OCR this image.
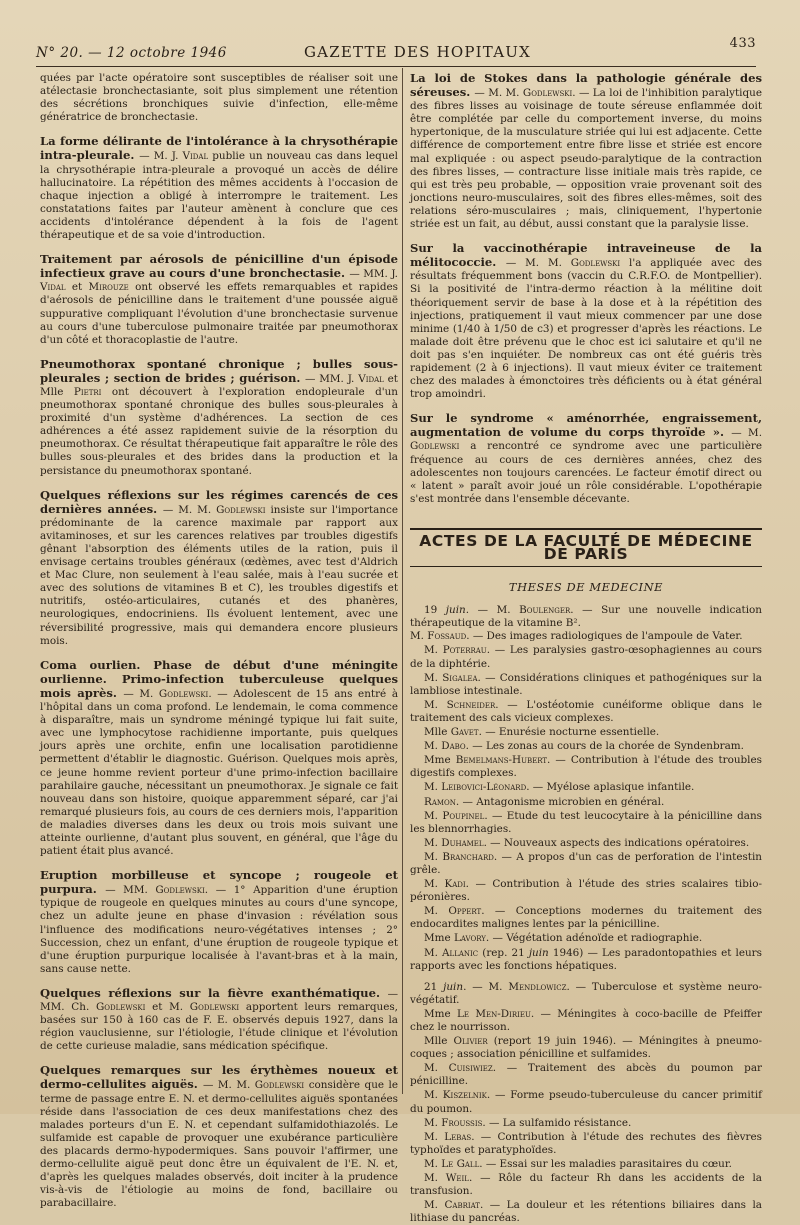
N° 20. — 12 octobre 1946	GAZETTE DES HOPITAUX	433

quées par l'acte opératoire sont susceptibles de réaliser soit une atélectasie bronchectasiante, soit plus simplement une rétention des sécrétions bronchiques suivie d'infection, elle-même génératrice de bronchectasie.

La forme délirante de l'intolérance à la chrysothérapie intra-pleurale. — M. J. Vidal publie un nouveau cas dans lequel la chrysothérapie intra-pleurale a provoqué un accès de délire hallucinatoire. La répétition des mêmes accidents à l'occasion de chaque injection a obligé à interrompre le traitement. Les constatations faites par l'auteur amènent à conclure que ces accidents d'intolérance dépendent à la fois de l'agent thérapeutique et de sa voie d'introduction.

Traitement par aérosols de pénicilline d'un épisode infectieux grave au cours d'une bronchectasie. — MM. J. Vidal et Mirouze ont observé les effets remarquables et rapides d'aérosols de pénicilline dans le traitement d'une poussée aiguë suppurative compliquant l'évolution d'une bronchectasie survenue au cours d'une tuberculose pulmonaire traitée par pneumothorax d'un côté et thoracoplastie de l'autre.

Pneumothorax spontané chronique ; bulles sous-pleurales ; section de brides ; guérison. — MM. J. Vidal et Mlle Pietri ont découvert à l'exploration endopleurale d'un pneumothorax spontané chronique des bulles sous-pleurales à proximité d'un système d'adhérences. La section de ces adhérences a été assez rapidement suivie de la résorption du pneumothorax. Ce résultat thérapeutique fait apparaître le rôle des bulles sous-pleurales et des brides dans la production et la persistance du pneumothorax spontané.

Quelques réflexions sur les régimes carencés de ces dernières années. — M. M. Godlewski insiste sur l'importance prédominante de la carence maximale par rapport aux avitaminoses, et sur les carences relatives par troubles digestifs gênant l'absorption des éléments utiles de la ration, puis il envisage certains troubles généraux (œdèmes, avec test d'Aldrich et Mac Clure, non seulement à l'eau salée, mais à l'eau sucrée et avec des solutions de vitamines B et C), les troubles digestifs et nutritifs, ostéo-articulaires, cutanés et des phanères, neurologiques, endocriniens. Ils évoluent lentement, avec une réversibilité progressive, mais qui demandera encore plusieurs mois.

Coma ourlien. Phase de début d'une méningite ourlienne. Primo-infection tuberculeuse quelques mois après. — M. Godlewski. — Adolescent de 15 ans entré à l'hôpital dans un coma profond. Le lendemain, le coma commence à disparaître, mais un syndrome méningé typique lui fait suite, avec une lymphocytose rachidienne importante, puis quelques jours après une orchite, enfin une localisation parotidienne permettent d'établir le diagnostic. Guérison. Quelques mois après, ce jeune homme revient porteur d'une primo-infection bacillaire parahilaire gauche, nécessitant un pneumothorax. Je signale ce fait nouveau dans son histoire, quoique apparemment séparé, car j'ai remarqué plusieurs fois, au cours de ces derniers mois, l'apparition de maladies diverses dans les deux ou trois mois suivant une atteinte ourlienne, d'autant plus souvent, en général, que l'âge du patient était plus avancé.

Eruption morbilleuse et syncope ; rougeole et purpura. — MM. Godlewski. — 1° Apparition d'une éruption typique de rougeole en quelques minutes au cours d'une syncope, chez un adulte jeune en phase d'invasion : révélation sous l'influence des modifications neuro-végétatives intenses ; 2° Succession, chez un enfant, d'une éruption de rougeole typique et d'une éruption purpurique localisée à l'avant-bras et à la main, sans cause nette.

Quelques réflexions sur la fièvre exanthématique. — MM. Ch. Godlewski et M. Godlewski apportent leurs remarques, basées sur 150 à 160 cas de F. E. observés depuis 1927, dans la région vauclusienne, sur l'étiologie, l'étude clinique et l'évolution de cette curieuse maladie, sans médication spécifique.

Quelques remarques sur les érythèmes noueux et dermo-cellulites aiguës. — M. M. Godlewski considère que le terme de passage entre E. N. et dermo-cellulites aiguës spontanées réside dans l'association de ces deux manifestations chez des malades porteurs d'un E. N. et cependant sulfamidothiazolés. Le sulfamide est capable de provoquer une exubérance particulière des placards dermo-hypodermiques. Sans pouvoir l'affirmer, une dermo-cellulite aiguë peut donc être un équivalent de l'E. N. et, d'après les quelques malades observés, doit inciter à la prudence vis-à-vis de l'étiologie au moins de fond, bacillaire ou parabacillaire.

La loi de Stokes dans la pathologie générale des séreuses. — M. M. Godlewski. — La loi de l'inhibition paralytique des fibres lisses au voisinage de toute séreuse enflammée doit être complétée par celle du comportement inverse, du moins hypertonique, de la musculature striée qui lui est adjacente. Cette différence de comportement entre fibre lisse et striée est encore mal expliquée : ou aspect pseudo-paralytique de la contraction des fibres lisses, — contracture lisse initiale mais très rapide, ce qui est très peu probable, — opposition vraie provenant soit des jonctions neuro-musculaires, soit des fibres elles-mêmes, soit des relations séro-musculaires ; mais, cliniquement, l'hypertonie striée est un fait, au début, aussi constant que la paralysie lisse.

Sur la vaccinothérapie intraveineuse de la mélitococcie. — M. M. Godlewski l'a appliquée avec des résultats fréquemment bons (vaccin du C.R.F.O. de Montpellier). Si la positivité de l'intra-dermo réaction à la mélitine doit théoriquement servir de base à la dose et à la répétition des injections, pratiquement il vaut mieux commencer par une dose minime (1/40 à 1/50 de c3) et progresser d'après les réactions. Le malade doit être prévenu que le choc est ici salutaire et qu'il ne doit pas s'en inquiéter. De nombreux cas ont été guéris très rapidement (2 à 6 injections). Il vaut mieux éviter ce traitement chez des malades à émonctoires très déficients ou à état général trop amoindri.

Sur le syndrome « aménorrhée, engraissement, augmentation de volume du corps thyroïde ». — M. Godlewski a rencontré ce syndrome avec une particulière fréquence au cours de ces dernières années, chez des adolescentes non toujours carencées. Le facteur émotif direct ou « latent » paraît avoir joué un rôle considérable. L'opothérapie s'est montrée dans l'ensemble décevante.

ACTES DE LA FACULTÉ DE MÉDECINE DE PARIS
THESES DE MEDECINE

19 juin. — M. Boulenger. — Sur une nouvelle indication thérapeutique de la vitamine B².
M. Fossaud. — Des images radiologiques de l'ampoule de Vater.

M. Poterrau. — Les paralysies gastro-œsophagiennes au cours de la diphtérie.

M. Sigalea. — Considérations cliniques et pathogéniques sur la lambliose intestinale.

M. Schneider. — L'ostéotomie cunéiforme oblique dans le traitement des cals vicieux complexes.

Mlle Gavet. — Enurésie nocturne essentielle.

M. Dabo. — Les zonas au cours de la chorée de Syndenbram.

Mme Bemelmans-Hubert. — Contribution à l'étude des troubles digestifs complexes.

M. Leibovici-Léonard. — Myélose aplasique infantile.

Ramon. — Antagonisme microbien en général.

M. Poupinel. — Etude du test leucocytaire à la pénicilline dans les blennorrhagies.

M. Duhamel. — Nouveaux aspects des indications opératoires.

M. Branchard. — A propos d'un cas de perforation de l'intestin grêle.

M. Kadi. — Contribution à l'étude des stries scalaires tibio-péronières.

M. Oppert. — Conceptions modernes du traitement des endocardites malignes lentes par la pénicilline.

Mme Lavory. — Végétation adénoïde et radiographie.

M. Allanic (rep. 21 juin 1946) — Les paradontopathies et leurs rapports avec les fonctions hépatiques.

21 juin. — M. Mendlowicz. — Tuberculose et système neuro-végétatif.

Mme Le Men-Dirieu. — Méningites à coco-bacille de Pfeiffer chez le nourrisson.

Mlle Olivier (report 19 juin 1946). — Méningites à pneumo-coques ; association pénicilline et sulfamides.

M. Cuisiwiez. — Traitement des abcès du poumon par pénicilline.

M. Kiszelnik. — Forme pseudo-tuberculeuse du cancer primitif du poumon.

M. Froussis. — La sulfamido résistance.

M. Lebas. — Contribution à l'étude des rechutes des fièvres typhoïdes et paratyphoïdes.

M. Le Gall. — Essai sur les maladies parasitaires du cœur.

M. Weil. — Rôle du facteur Rh dans les accidents de la transfusion.

M. Cabriat. — La douleur et les rétentions biliaires dans la lithiase du pancréas.
